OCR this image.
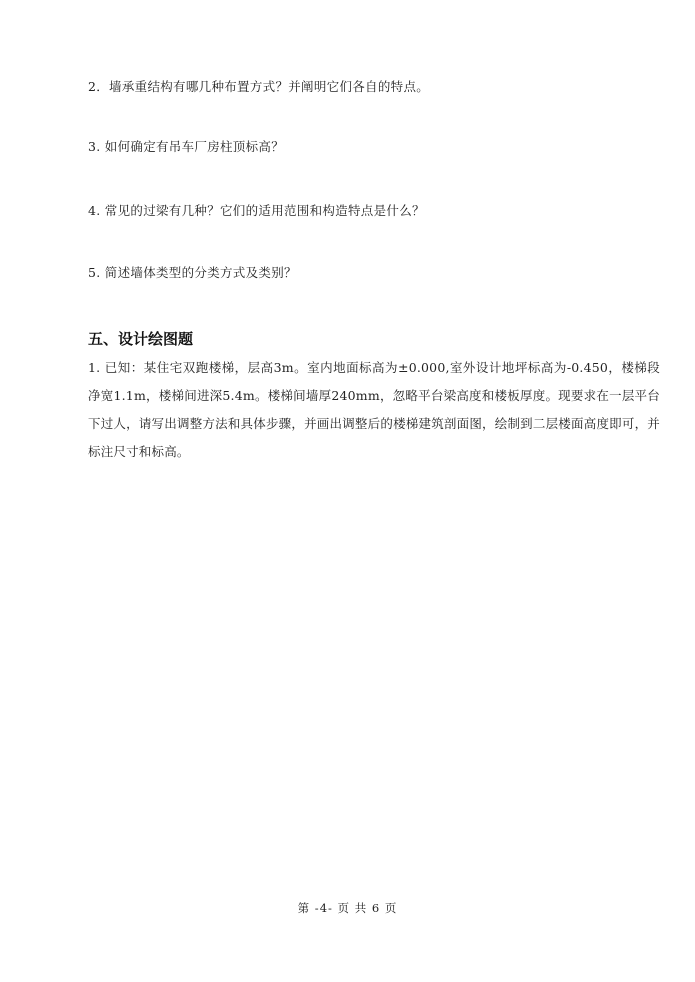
2．墙承重结构有哪几种布置方式？并阐明它们各自的特点。
3. 如何确定有吊车厂房柱顶标高？
4. 常见的过梁有几种？它们的适用范围和构造特点是什么？
5. 简述墙体类型的分类方式及类别？
五、设计绘图题
1. 已知：某住宅双跑楼梯，层高3m。室内地面标高为±0.000,室外设计地坪标高为-0.450，楼梯段净宽1.1m，楼梯间进深5.4m。楼梯间墙厚240mm，忽略平台梁高度和楼板厚度。现要求在一层平台下过人，请写出调整方法和具体步骤，并画出调整后的楼梯建筑剖面图，绘制到二层楼面高度即可，并标注尺寸和标高。
第 -4- 页 共 6 页
